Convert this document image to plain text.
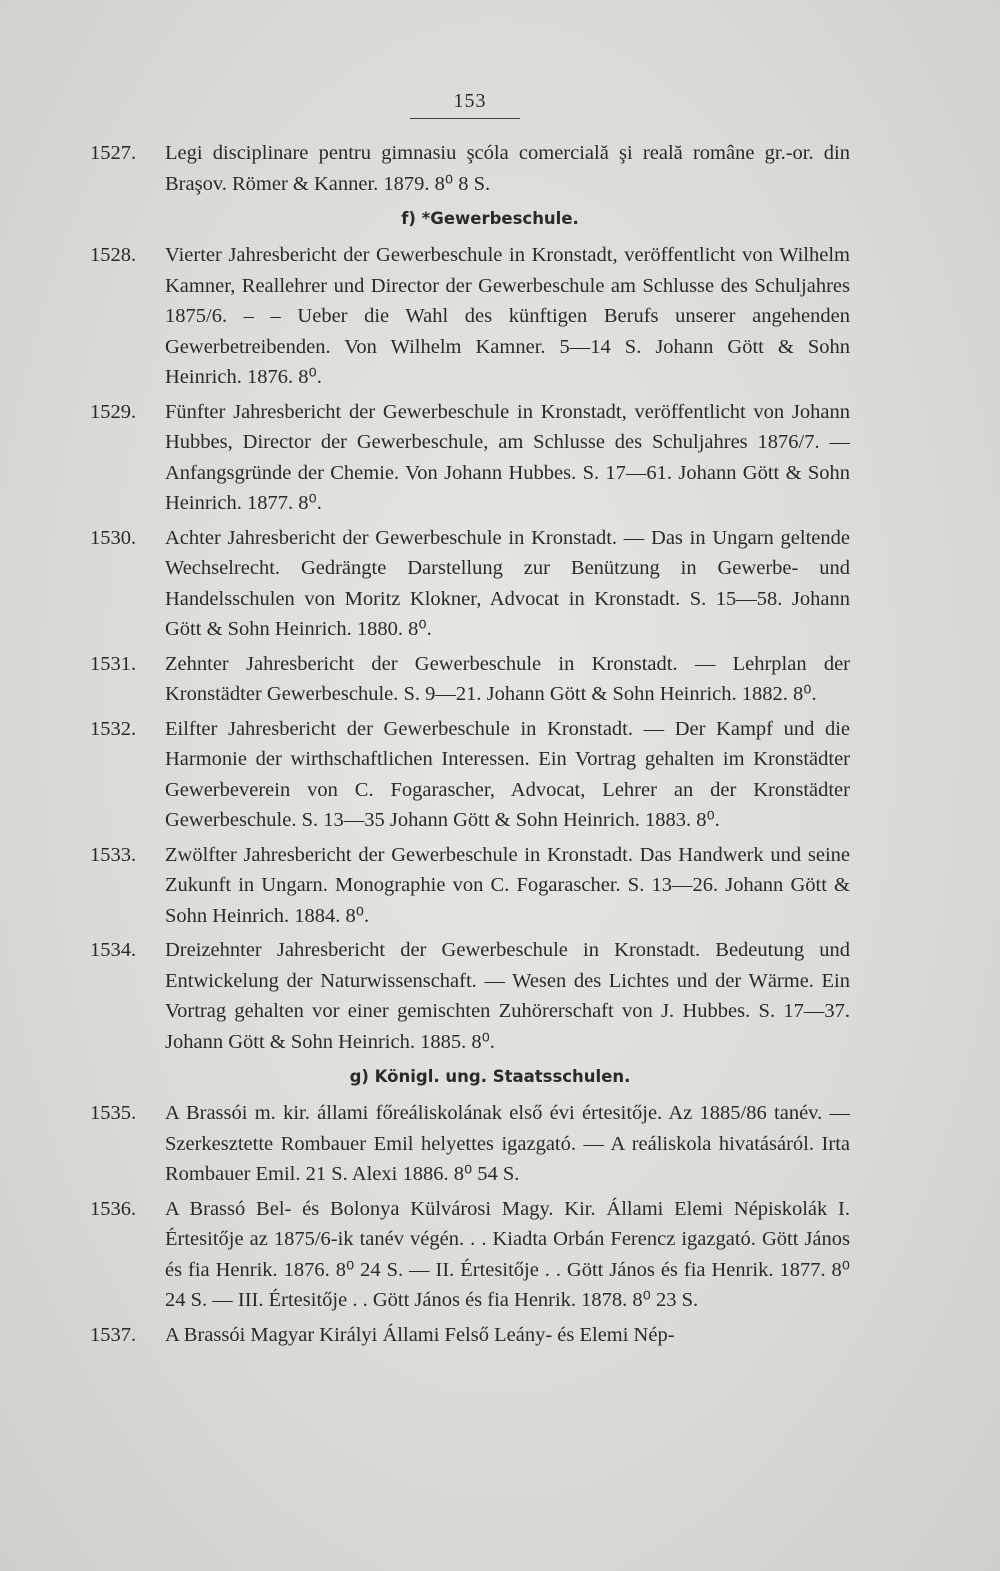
153
1527.	Legi disciplinare pentru gimnasiu şcóla comercială şi reală române gr.-or. din Braşov. Römer & Kanner. 1879. 8⁰ 8 S.
f) *Gewerbeschule.
1528.	Vierter Jahresbericht der Gewerbeschule in Kronstadt, veröffentlicht von Wilhelm Kamner, Reallehrer und Director der Gewerbeschule am Schlusse des Schuljahres 1875/6. – – Ueber die Wahl des künftigen Berufs unserer angehenden Gewerbetreibenden. Von Wilhelm Kamner. 5—14 S. Johann Gött & Sohn Heinrich. 1876. 8⁰.
1529.	Fünfter Jahresbericht der Gewerbeschule in Kronstadt, veröffentlicht von Johann Hubbes, Director der Gewerbeschule, am Schlusse des Schuljahres 1876/7. — Anfangsgründe der Chemie. Von Johann Hubbes. S. 17—61. Johann Gött & Sohn Heinrich. 1877. 8⁰.
1530.	Achter Jahresbericht der Gewerbeschule in Kronstadt. — Das in Ungarn geltende Wechselrecht. Gedrängte Darstellung zur Benützung in Gewerbe- und Handelsschulen von Moritz Klokner, Advocat in Kronstadt. S. 15—58. Johann Gött & Sohn Heinrich. 1880. 8⁰.
1531.	Zehnter Jahresbericht der Gewerbeschule in Kronstadt. — Lehrplan der Kronstädter Gewerbeschule. S. 9—21. Johann Gött & Sohn Heinrich. 1882. 8⁰.
1532.	Eilfter Jahresbericht der Gewerbeschule in Kronstadt. — Der Kampf und die Harmonie der wirthschaftlichen Interessen. Ein Vortrag gehalten im Kronstädter Gewerbeverein von C. Fogarascher, Advocat, Lehrer an der Kronstädter Gewerbeschule. S. 13—35 Johann Gött & Sohn Heinrich. 1883. 8⁰.
1533.	Zwölfter Jahresbericht der Gewerbeschule in Kronstadt. Das Handwerk und seine Zukunft in Ungarn. Monographie von C. Fogarascher. S. 13—26. Johann Gött & Sohn Heinrich. 1884. 8⁰.
1534.	Dreizehnter Jahresbericht der Gewerbeschule in Kronstadt. Bedeutung und Entwickelung der Naturwissenschaft. — Wesen des Lichtes und der Wärme. Ein Vortrag gehalten vor einer gemischten Zuhörerschaft von J. Hubbes. S. 17—37. Johann Gött & Sohn Heinrich. 1885. 8⁰.
g) Königl. ung. Staatsschulen.
1535.	A Brassói m. kir. állami főreáliskolának első évi értesitője. Az 1885/86 tanév. — Szerkesztette Rombauer Emil helyettes igazgató. — A reáliskola hivatásáról. Irta Rombauer Emil. 21 S. Alexi 1886. 8⁰ 54 S.
1536.	A Brassó Bel- és Bolonya Külvárosi Magy. Kir. Állami Elemi Népiskolák I. Értesitője az 1875/6-ik tanév végén. . . Kiadta Orbán Ferencz igazgató. Gött János és fia Henrik. 1876. 8⁰ 24 S. — II. Értesitője . . Gött János és fia Henrik. 1877. 8⁰ 24 S. — III. Értesitője . . Gött János és fia Henrik. 1878. 8⁰ 23 S.
1537.	A Brassói Magyar Királyi Állami Felső Leány- és Elemi Nép-
